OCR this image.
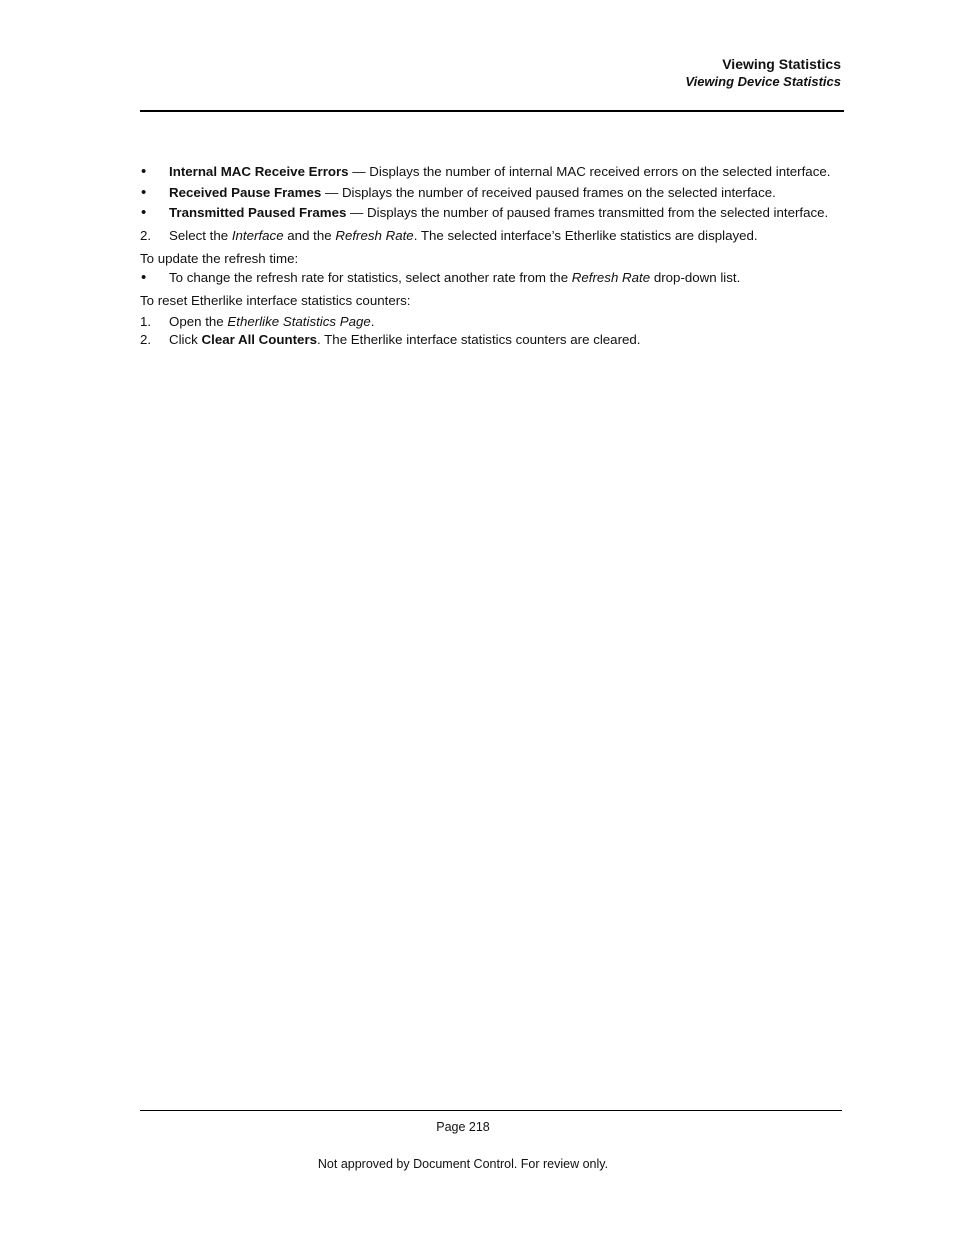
Viewing Statistics
Viewing Device Statistics
• Internal MAC Receive Errors — Displays the number of internal MAC received errors on the selected interface.
• Received Pause Frames — Displays the number of received paused frames on the selected interface.
• Transmitted Paused Frames — Displays the number of paused frames transmitted from the selected interface.
2. Select the Interface and the Refresh Rate. The selected interface’s Etherlike statistics are displayed.
To update the refresh time:
• To change the refresh rate for statistics, select another rate from the Refresh Rate drop-down list.
To reset Etherlike interface statistics counters:
1. Open the Etherlike Statistics Page.
2. Click Clear All Counters. The Etherlike interface statistics counters are cleared.
Page 218
Not approved by Document Control. For review only.
